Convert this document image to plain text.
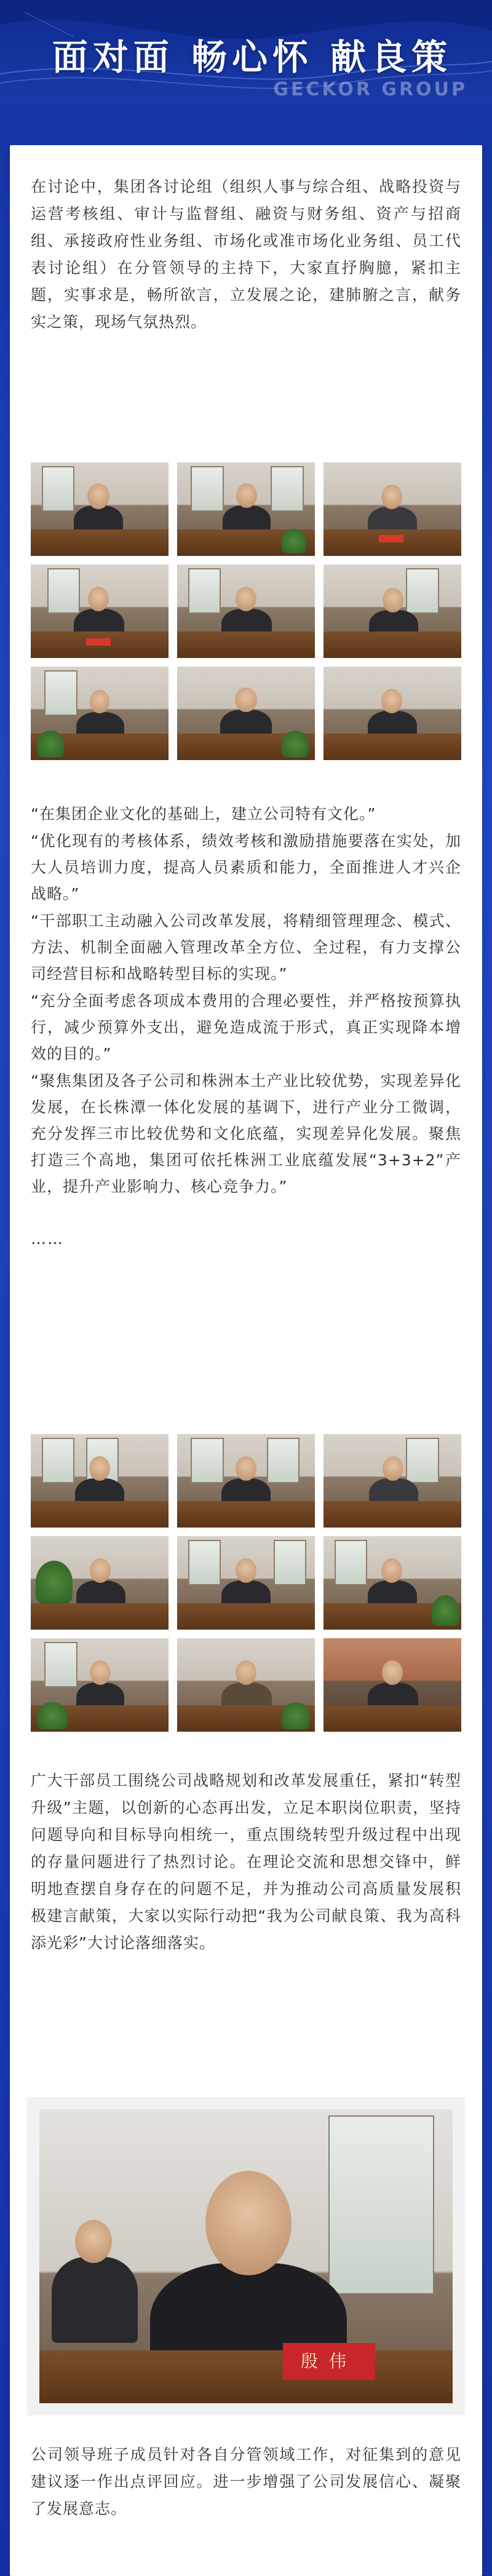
面对面 畅心怀 献良策
GECKOR GROUP
在讨论中，集团各讨论组（组织人事与综合组、战略投资与运营考核组、审计与监督组、融资与财务组、资产与招商组、承接政府性业务组、市场化或准市场化业务组、员工代表讨论组）在分管领导的主持下，大家直抒胸臆，紧扣主题，实事求是，畅所欲言，立发展之论，建肺腑之言，献务实之策，现场气氛热烈。
“在集团企业文化的基础上，建立公司特有文化。”
“优化现有的考核体系，绩效考核和激励措施要落在实处，加大人员培训力度，提高人员素质和能力，全面推进人才兴企战略。”
“干部职工主动融入公司改革发展，将精细管理理念、模式、方法、机制全面融入管理改革全方位、全过程，有力支撑公司经营目标和战略转型目标的实现。”
“充分全面考虑各项成本费用的合理必要性，并严格按预算执行，减少预算外支出，避免造成流于形式，真正实现降本增效的目的。”
“聚焦集团及各子公司和株洲本土产业比较优势，实现差异化发展，在长株潭一体化发展的基调下，进行产业分工微调，充分发挥三市比较优势和文化底蕴，实现差异化发展。聚焦打造三个高地，集团可依托株洲工业底蕴发展“3+3+2”产业，提升产业影响力、核心竞争力。”
……
广大干部员工围绕公司战略规划和改革发展重任，紧扣“转型升级”主题，以创新的心态再出发，立足本职岗位职责，坚持问题导向和目标导向相统一，重点围绕转型升级过程中出现的存量问题进行了热烈讨论。在理论交流和思想交锋中，鲜明地查摆自身存在的问题不足，并为推动公司高质量发展积极建言献策，大家以实际行动把“我为公司献良策、我为高科添光彩”大讨论落细落实。
殷伟
公司领导班子成员针对各自分管领域工作，对征集到的意见建议逐一作出点评回应。进一步增强了公司发展信心、凝聚了发展意志。
